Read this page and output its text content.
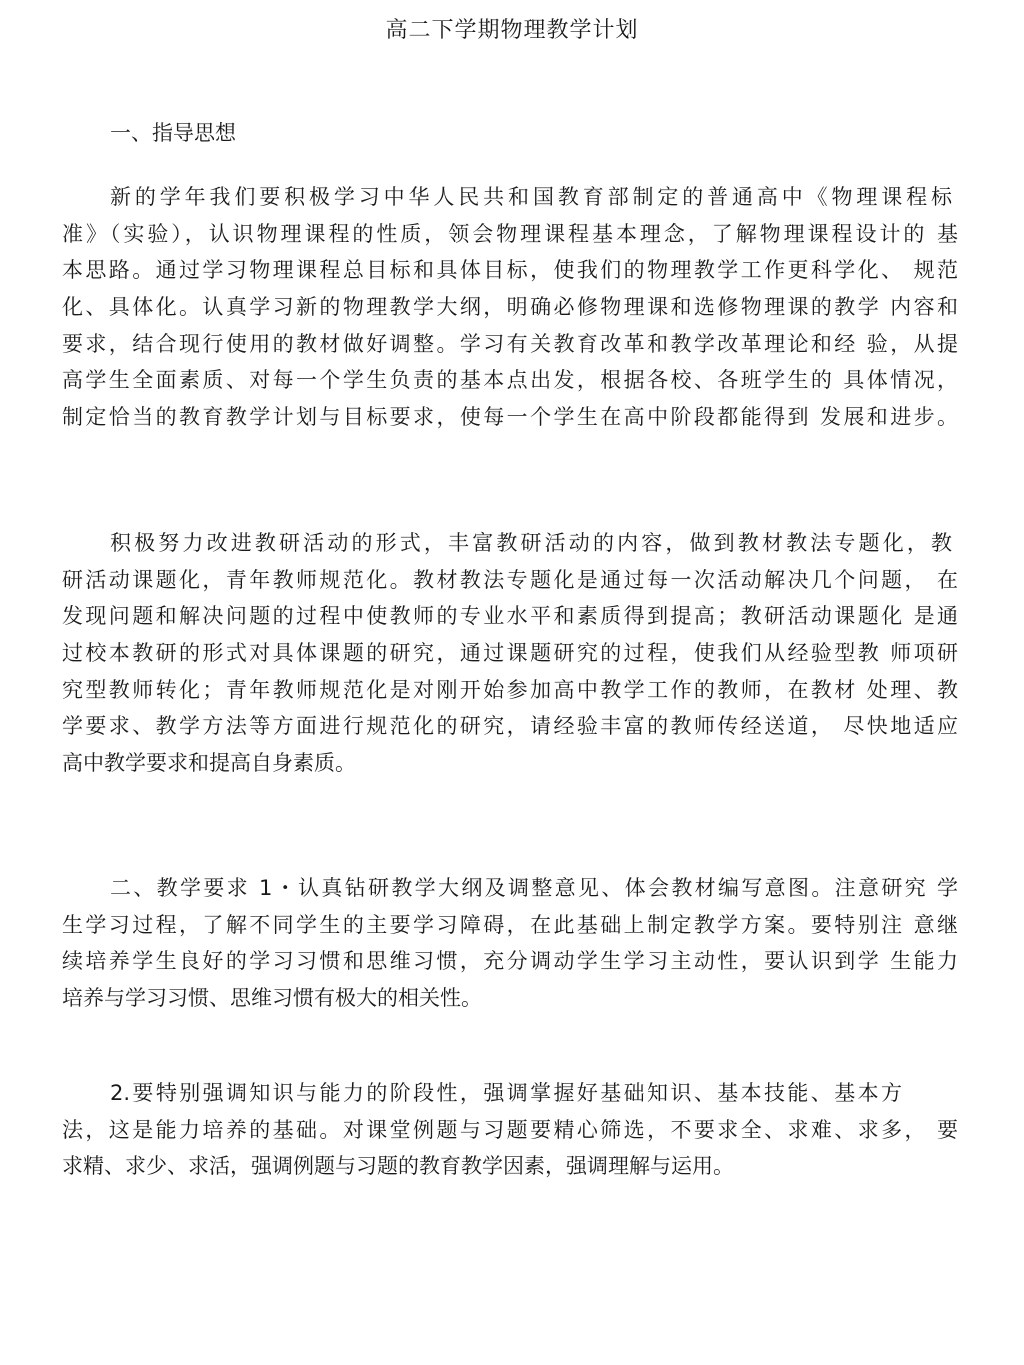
高二下学期物理教学计划
一、指导思想
新的学年我们要积极学习中华人民共和国教育部制定的普通高中《物理课程标
准》（实验），认识物理课程的性质，领会物理课程基本理念，了解物理课程设计的 基
本思路。通过学习物理课程总目标和具体目标，使我们的物理教学工作更科学化、 规范
化、具体化。认真学习新的物理教学大纲，明确必修物理课和选修物理课的教学 内容和
要求，结合现行使用的教材做好调整。学习有关教育改革和教学改革理论和经 验，从提
高学生全面素质、对每一个学生负责的基本点出发，根据各校、各班学生的 具体情况，
制定恰当的教育教学计划与目标要求，使每一个学生在高中阶段都能得到 发展和进步。
积极努力改进教研活动的形式，丰富教研活动的内容，做到教材教法专题化，教
研活动课题化，青年教师规范化。教材教法专题化是通过每一次活动解决几个问题， 在
发现问题和解决问题的过程中使教师的专业水平和素质得到提高；教研活动课题化 是通
过校本教研的形式对具体课题的研究，通过课题研究的过程，使我们从经验型教 师项研
究型教师转化；青年教师规范化是对刚开始参加高中教学工作的教师，在教材 处理、教
学要求、教学方法等方面进行规范化的研究，请经验丰富的教师传经送道， 尽快地适应
高中教学要求和提高自身素质。
二、教学要求 1・认真钻研教学大纲及调整意见、体会教材编写意图。注意研究 学
生学习过程，了解不同学生的主要学习障碍，在此基础上制定教学方案。要特别注 意继
续培养学生良好的学习习惯和思维习惯，充分调动学生学习主动性，要认识到学 生能力
培养与学习习惯、思维习惯有极大的相关性。
2.要特别强调知识与能力的阶段性，强调掌握好基础知识、基本技能、基本方
法，这是能力培养的基础。对课堂例题与习题要精心筛选，不要求全、求难、求多， 要
求精、求少、求活，强调例题与习题的教育教学因素，强调理解与运用。
